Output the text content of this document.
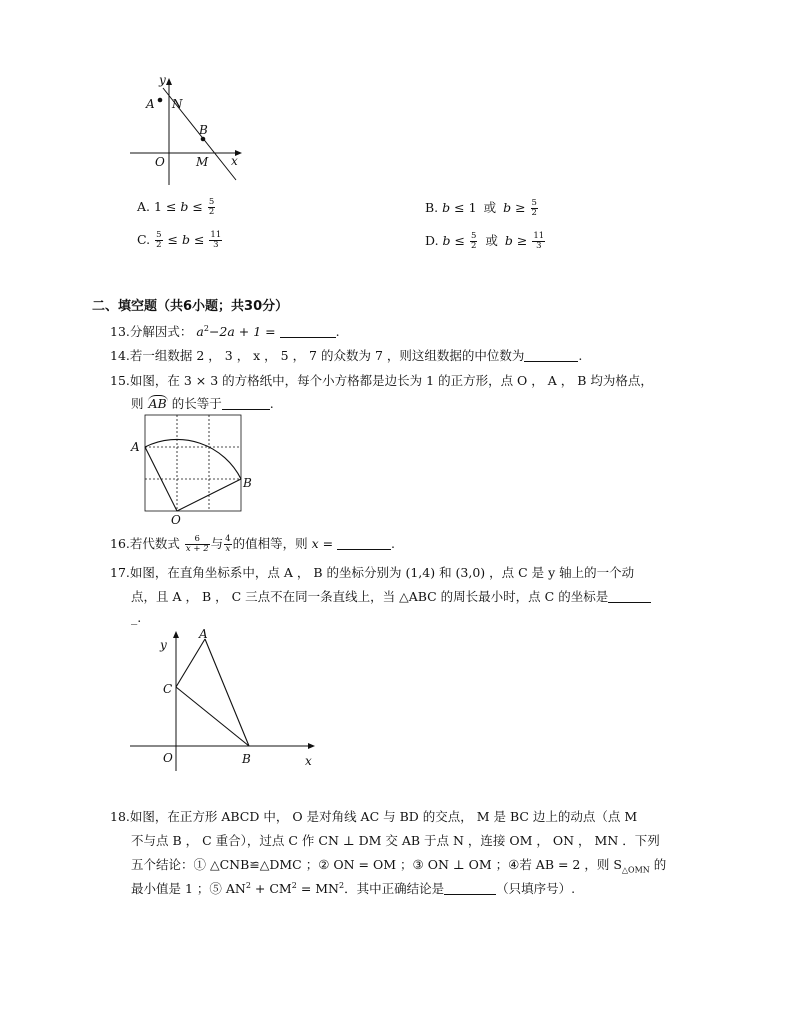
y
A N
B
O	M x
A. $1 \le b \le \frac{5}{2}$	B. b ≤ 1 或 $b \ge \frac{5}{2}$
C. $\frac{5}{2} \le b \le \frac{11}{3}$	D. $b \le \frac{5}{2}$ 或 $b \ge \frac{11}{3}$
二、填空题（共6小题；共30分）
13.分解因式： $a^2-2a + 1$ =	.
14.若一组数据 2 ， 3 ， x ， 5 ， 7 的众数为 7 ，则这组数据的中位数为	.
15.如图，在 3 × 3 的方格纸中，每个小方格都是边长为 1 的正方形，点 O ， A ， B 均为格点，
则 AB 的长等于	.
A
B
O
16.若代数式 $\frac{6}{x + 2}$ 与 $\frac{4}{x}$ 的值相等，则 x =	.
17.如图，在直角坐标系中，点 A ， B 的坐标分别为 (1,4) 和 (3,0) ，点 C 是 y 轴上的一个动
点，且 A ， B ， C 三点不在同一条直线上，当 △ABC 的周长最小时，点 C 的坐标是
_.
y
A
C
O	B	x
18.如图，在正方形 ABCD 中， O 是对角线 AC 与 BD 的交点， M 是 BC 边上的动点（点 M
不与点 B ， C 重合），过点 C 作 CN ⊥ DM 交 AB 于点 N ，连接 OM ， ON ， MN ．下列
五个结论：① △CNB≌△DMC ；② ON = OM ；③ ON ⊥ OM ；④若 AB = 2 ，则 $S_{\triangle OMN}$ 的
最小值是 1 ；⑤ $AN^2 + CM^2 = MN^2$．其中正确结论是	（只填序号）.
